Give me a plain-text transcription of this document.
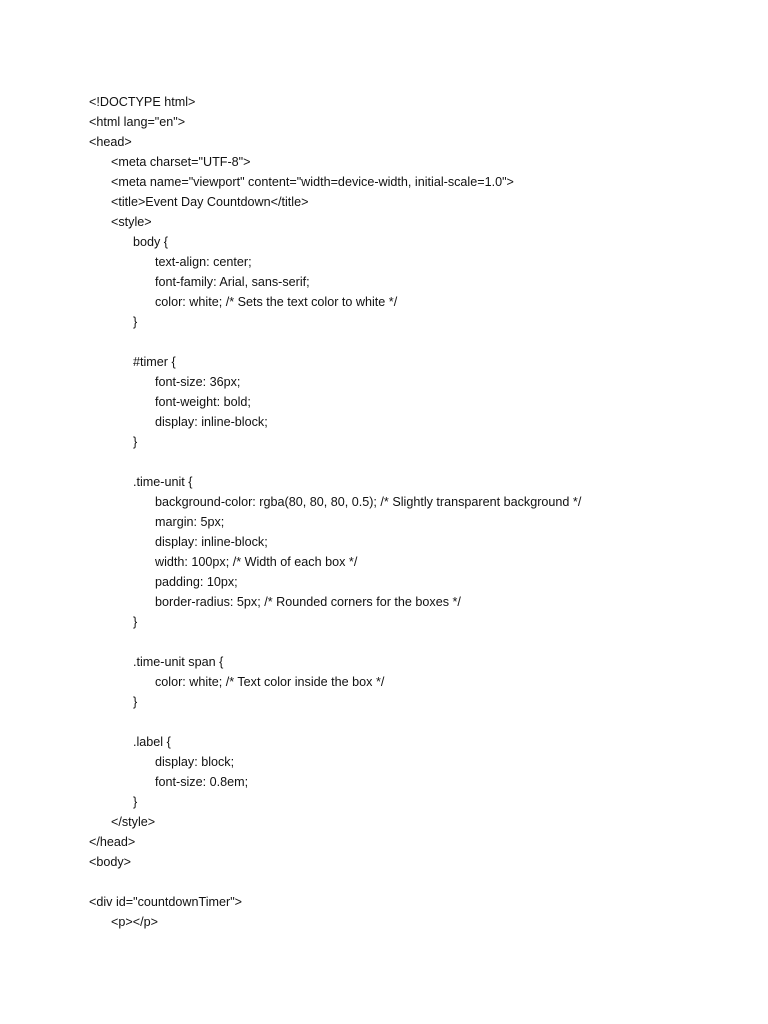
<!DOCTYPE html>
<html lang="en">
<head>
<meta charset="UTF-8">
<meta name="viewport" content="width=device-width, initial-scale=1.0">
<title>Event Day Countdown</title>
<style>
body {
text-align: center;
font-family: Arial, sans-serif;
color: white; /* Sets the text color to white */
}
#timer {
font-size: 36px;
font-weight: bold;
display: inline-block;
}
.time-unit {
background-color: rgba(80, 80, 80, 0.5); /* Slightly transparent background */
margin: 5px;
display: inline-block;
width: 100px; /* Width of each box */
padding: 10px;
border-radius: 5px; /* Rounded corners for the boxes */
}
.time-unit span {
color: white; /* Text color inside the box */
}
.label {
display: block;
font-size: 0.8em;
}
</style>
</head>
<body>
<div id="countdownTimer">
<p></p>
